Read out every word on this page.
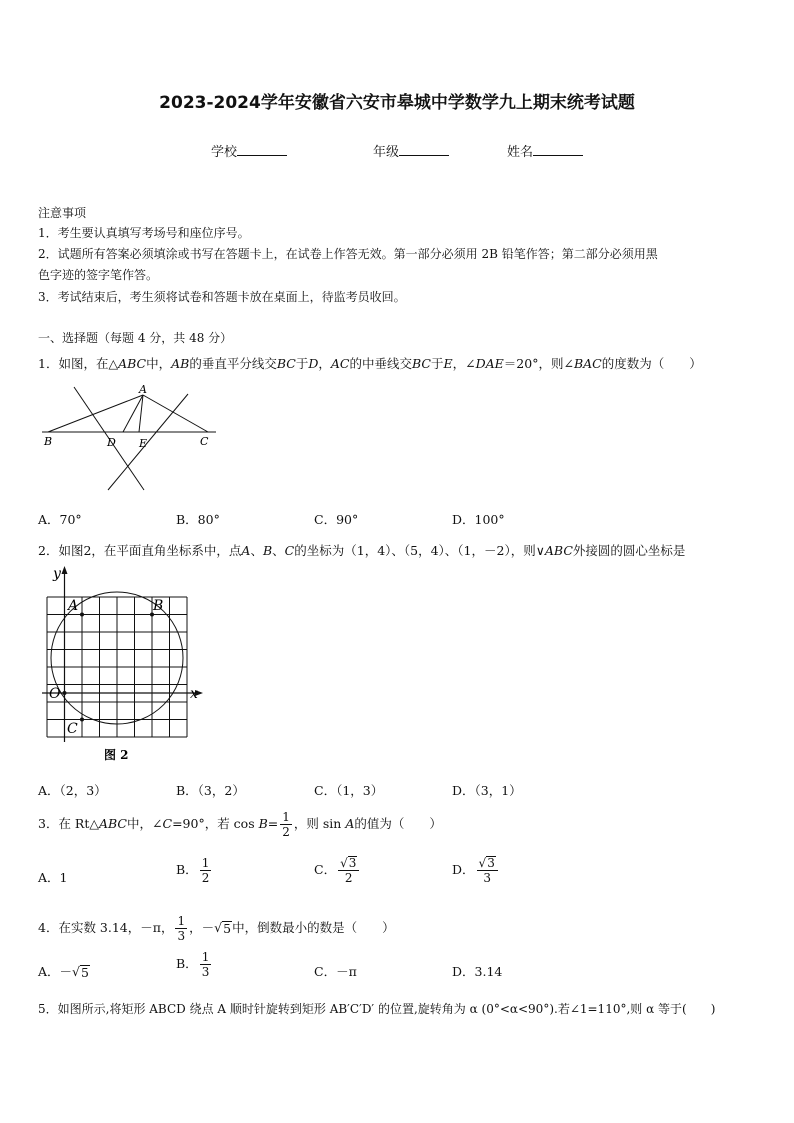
2023-2024学年安徽省六安市皋城中学数学九上期末统考试题
学校	年级	姓名
注意事项
1．考生要认真填写考场号和座位序号。
2．试题所有答案必须填涂或书写在答题卡上，在试卷上作答无效。第一部分必须用 2B 铅笔作答；第二部分必须用黑
色字迹的签字笔作答。
3．考试结束后，考生须将试卷和答题卡放在桌面上，待监考员收回。
一、选择题（每题 4 分，共 48 分）
1．如图，在△ABC中，AB的垂直平分线交BC于D，AC的中垂线交BC于E，∠DAE＝20°，则∠BAC的度数为（　　）
A
B	C
D E
A．70°	B．80°	C．90°	D．100°
2．如图2，在平面直角坐标系中，点A、B、C的坐标为（1，4）、（5，4）、（1，－2），则∨ABC外接圆的圆心坐标是
y
x
O
A	B
C
图 2
A．（2，3）	B．（3，2）	C．（1，3）	D．（3，1）
3．在 Rt△ABC中，∠C=90°，若 $\cos B= \frac{1}{2}$ ，则 sin A的值为（　　）
A．1
B． $\frac{1}{2}$	C． $\frac{√ 3}{2}$	D． $\frac{√ 3}{3}$
4．在实数 3.14，－π， $\frac{1}{3}$ ，－√ 5 中，倒数最小的数是（　　）
A．－√ 5
B． $\frac{1}{3}$	C．－π	D．3.14
5．如图所示,将矩形 ABCD 绕点 A 顺时针旋转到矩形 AB′C′D′ 的位置,旋转角为 α (0°<α<90°).若∠1=110°,则 α 等于(　　)
